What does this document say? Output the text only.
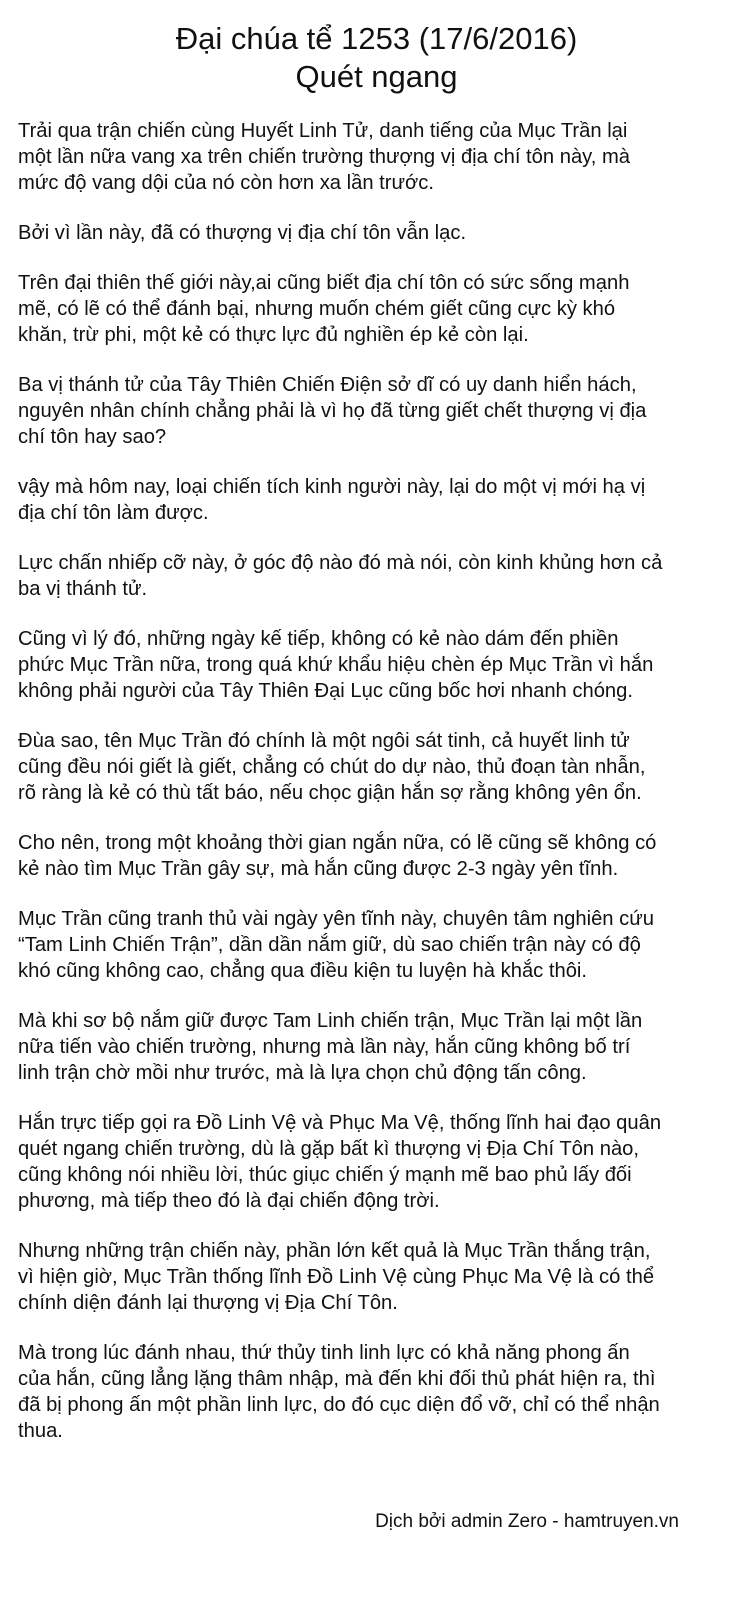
Đại chúa tể 1253 (17/6/2016)
Quét ngang

Trải qua trận chiến cùng Huyết Linh Tử, danh tiếng của Mục Trần lại
một lần nữa vang xa trên chiến trường thượng vị địa chí tôn này, mà
mức độ vang dội của nó còn hơn xa lần trước.

Bởi vì lần này, đã có thượng vị địa chí tôn vẫn lạc.

Trên đại thiên thế giới này,ai cũng biết địa chí tôn có sức sống mạnh
mẽ, có lẽ có thể đánh bại, nhưng muốn chém giết cũng cực kỳ khó
khăn, trừ phi, một kẻ có thực lực đủ nghiền ép kẻ còn lại.

Ba vị thánh tử của Tây Thiên Chiến Điện sở dĩ có uy danh hiển hách,
nguyên nhân chính chẳng phải là vì họ đã từng giết chết thượng vị địa
chí tôn hay sao?

vậy mà hôm nay, loại chiến tích kinh người này, lại do một vị mới hạ vị
địa chí tôn làm được.

Lực chấn nhiếp cỡ này, ở góc độ nào đó mà nói, còn kinh khủng hơn cả
ba vị thánh tử.

Cũng vì lý đó, những ngày kế tiếp, không có kẻ nào dám đến phiền
phức Mục Trần nữa, trong quá khứ khẩu hiệu chèn ép Mục Trần vì hắn
không phải người của Tây Thiên Đại Lục cũng bốc hơi nhanh chóng.

Đùa sao, tên Mục Trần đó chính là một ngôi sát tinh, cả huyết linh tử
cũng đều nói giết là giết, chẳng có chút do dự nào, thủ đoạn tàn nhẫn,
rõ ràng là kẻ có thù tất báo, nếu chọc giận hắn sợ rằng không yên ổn.

Cho nên, trong một khoảng thời gian ngắn nữa, có lẽ cũng sẽ không có
kẻ nào tìm Mục Trần gây sự, mà hắn cũng được 2-3 ngày yên tĩnh.

Mục Trần cũng tranh thủ vài ngày yên tĩnh này, chuyên tâm nghiên cứu
“Tam Linh Chiến Trận”, dần dần nắm giữ, dù sao chiến trận này có độ
khó cũng không cao, chẳng qua điều kiện tu luyện hà khắc thôi.

Mà khi sơ bộ nắm giữ được Tam Linh chiến trận, Mục Trần lại một lần
nữa tiến vào chiến trường, nhưng mà lần này, hắn cũng không bố trí
linh trận chờ mồi như trước, mà là lựa chọn chủ động tấn công.

Hắn trực tiếp gọi ra Đồ Linh Vệ và Phục Ma Vệ, thống lĩnh hai đạo quân
quét ngang chiến trường, dù là gặp bất kì thượng vị Địa Chí Tôn nào,
cũng không nói nhiều lời, thúc giục chiến ý mạnh mẽ bao phủ lấy đối
phương, mà tiếp theo đó là đại chiến động trời.

Nhưng những trận chiến này, phần lớn kết quả là Mục Trần thắng trận,
vì hiện giờ, Mục Trần thống lĩnh Đồ Linh Vệ cùng Phục Ma Vệ là có thể
chính diện đánh lại thượng vị Địa Chí Tôn.

Mà trong lúc đánh nhau, thứ thủy tinh linh lực có khả năng phong ấn
của hắn, cũng lẳng lặng thâm nhập, mà đến khi đối thủ phát hiện ra, thì
đã bị phong ấn một phần linh lực, do đó cục diện đổ vỡ, chỉ có thể nhận
thua.

Dịch bởi admin Zero - hamtruyen.vn
